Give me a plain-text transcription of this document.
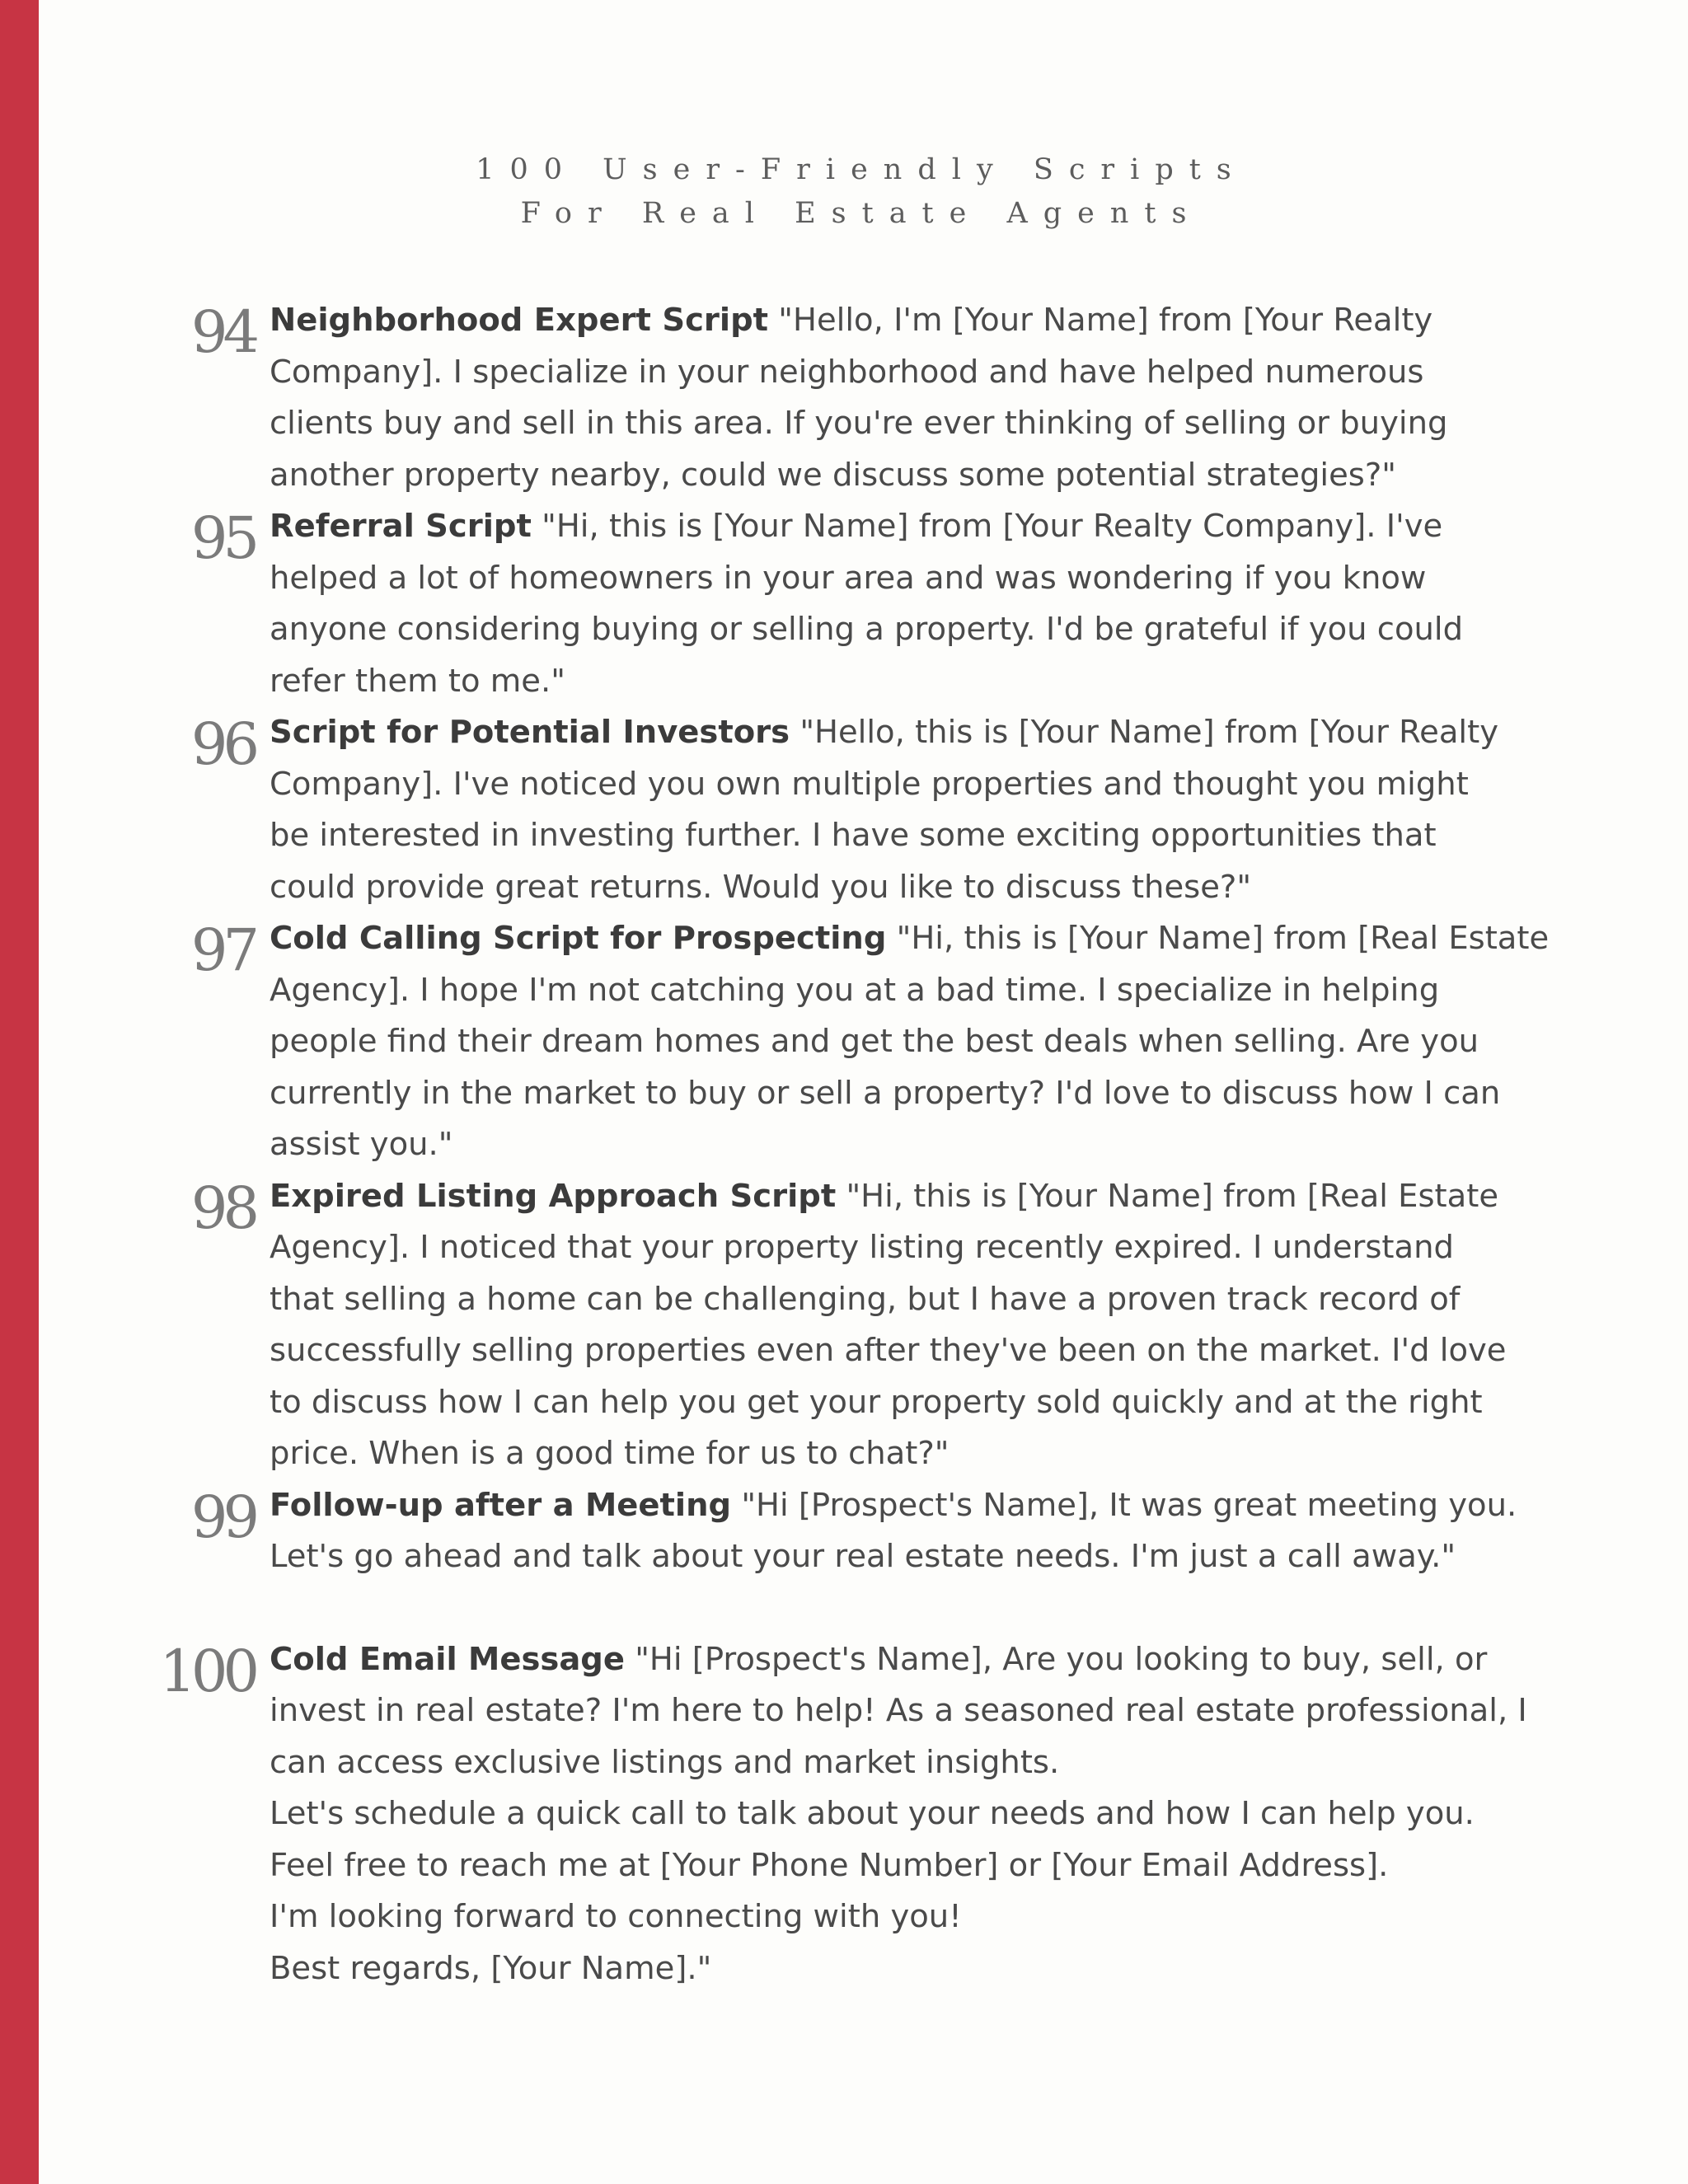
100 User-Friendly Scripts
For Real Estate Agents
94 Neighborhood Expert Script "Hello, I'm [Your Name] from [Your Realty
Company]. I specialize in your neighborhood and have helped numerous
clients buy and sell in this area. If you're ever thinking of selling or buying
another property nearby, could we discuss some potential strategies?"
95 Referral Script "Hi, this is [Your Name] from [Your Realty Company]. I've
helped a lot of homeowners in your area and was wondering if you know
anyone considering buying or selling a property. I'd be grateful if you could
refer them to me."
96 Script for Potential Investors "Hello, this is [Your Name] from [Your Realty
Company]. I've noticed you own multiple properties and thought you might
be interested in investing further. I have some exciting opportunities that
could provide great returns. Would you like to discuss these?"
97 Cold Calling Script for Prospecting "Hi, this is [Your Name] from [Real Estate
Agency]. I hope I'm not catching you at a bad time. I specialize in helping
people find their dream homes and get the best deals when selling. Are you
currently in the market to buy or sell a property? I'd love to discuss how I can
assist you."
98 Expired Listing Approach Script "Hi, this is [Your Name] from [Real Estate
Agency]. I noticed that your property listing recently expired. I understand
that selling a home can be challenging, but I have a proven track record of
successfully selling properties even after they've been on the market. I'd love
to discuss how I can help you get your property sold quickly and at the right
price. When is a good time for us to chat?"
99 Follow-up after a Meeting "Hi [Prospect's Name], It was great meeting you.
Let's go ahead and talk about your real estate needs. I'm just a call away."
100 Cold Email Message "Hi [Prospect's Name], Are you looking to buy, sell, or
invest in real estate? I'm here to help! As a seasoned real estate professional, I
can access exclusive listings and market insights.
Let's schedule a quick call to talk about your needs and how I can help you.
Feel free to reach me at [Your Phone Number] or [Your Email Address].
I'm looking forward to connecting with you!
Best regards, [Your Name]."
